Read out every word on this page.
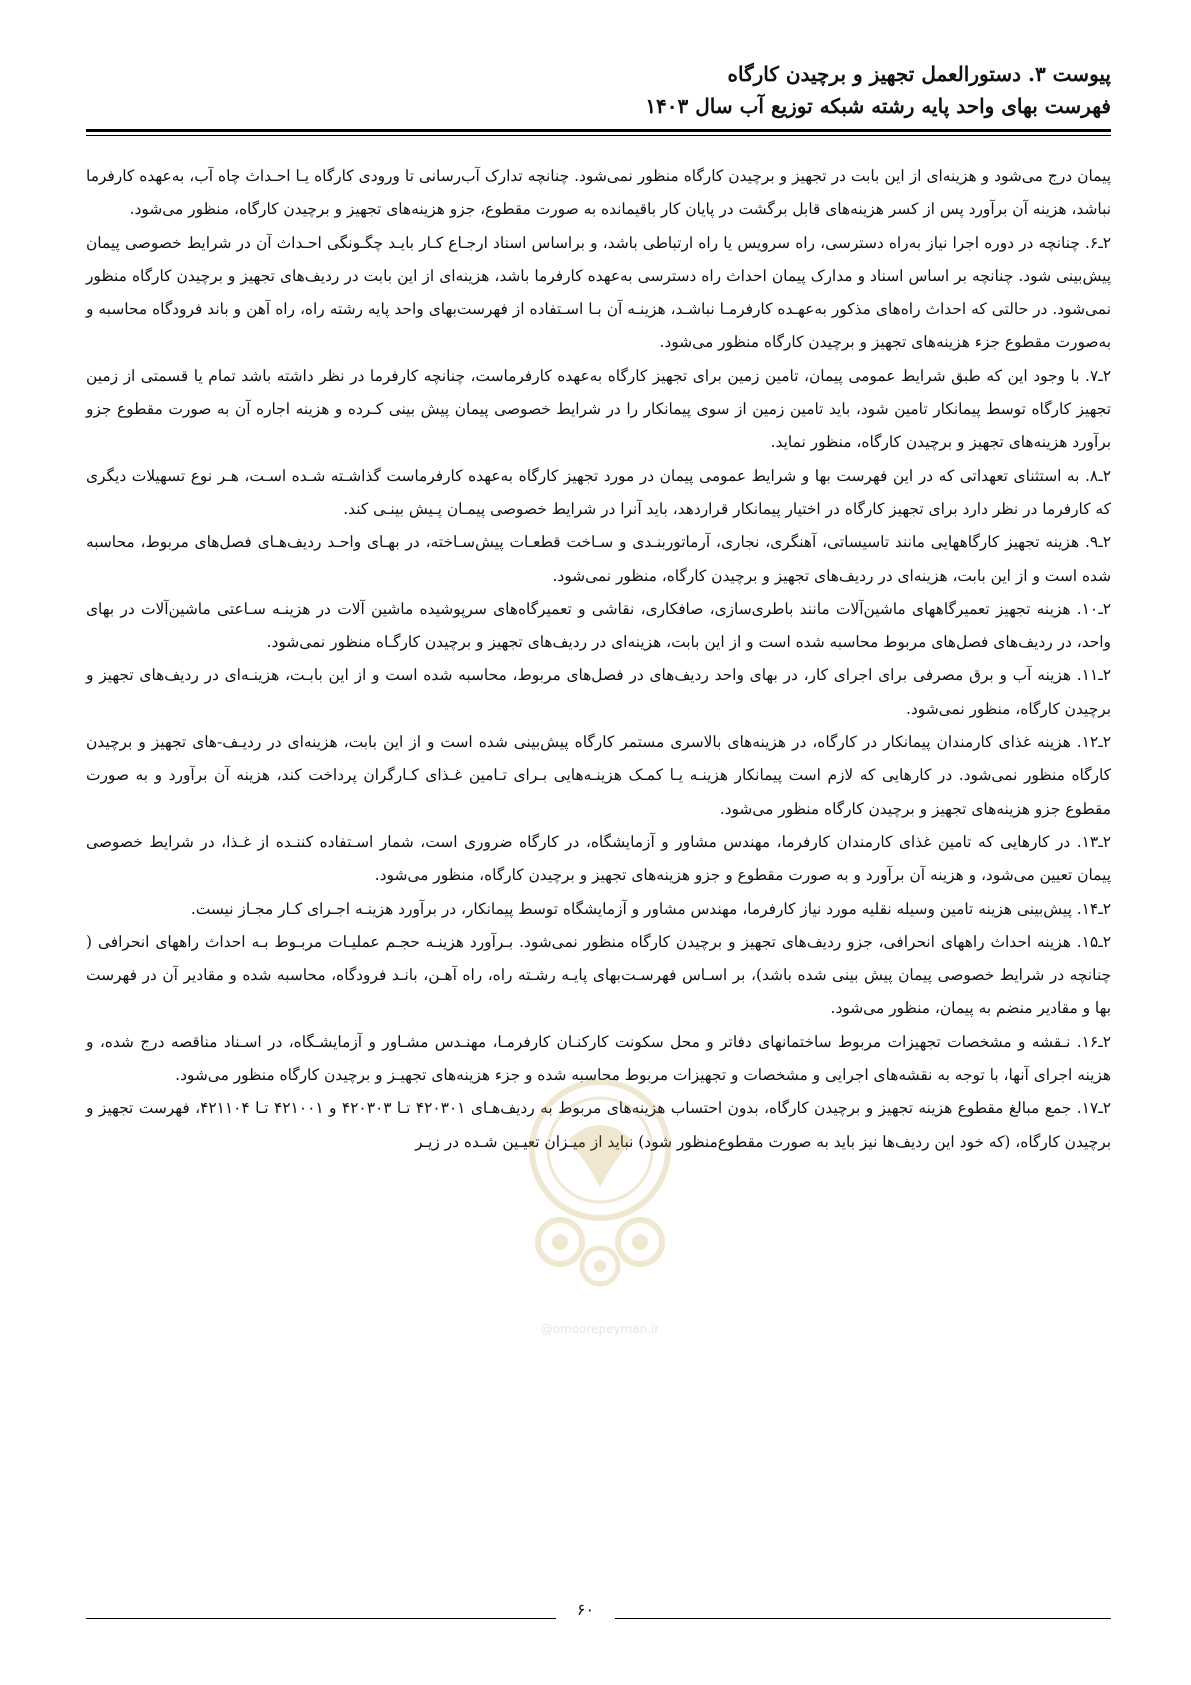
پیوست ۳. دستورالعمل تجهیز و برچیدن کارگاه
فهرست بهای واحد پایه رشته شبکه توزیع آب سال ۱۴۰۳

پیمان درج می‌شود و هزینه‌ای از این بابت در تجهیز و برچیدن کارگاه منظور نمی‌شود. چنانچه تدارک آب‌رسانی تا ورودی کارگاه یـا احـداث چاه آب، به‌عهده کارفرما نباشد، هزینه آن برآورد پس از کسر هزینه‌های قابل برگشت در پایان کار باقیمانده به صورت مقطوع، جزو هزینه‌های تجهیز و برچیدن کارگاه، منظور می‌شود.

۲ـ۶. چنانچه در دوره اجرا نیاز به‌راه دسترسی، راه سرویس یا راه ارتباطی باشد، و براساس اسناد ارجـاع کـار بایـد چگـونگی احـداث آن در شرایط خصوصی پیمان پیش‌بینی شود. چنانچه بر اساس اسناد و مدارک پیمان احداث راه دسترسی به‌عهده کارفرما باشد، هزینه‌ای از این بابت در ردیف‌های تجهیز و برچیدن کارگاه منظور نمی‌شود. در حالتی که احداث راه‌های مذکور به‌عهـده کارفرمـا نباشـد، هزینـه آن بـا اسـتفاده از فهرست‌بهای واحد پایه رشته راه، راه آهن و باند فرودگاه محاسبه و به‌صورت مقطوع جزء هزینه‌های تجهیز و برچیدن کارگاه منظور می‌شود.

۲ـ۷. با وجود این که طبق شرایط عمومی پیمان، تامین زمین برای تجهیز کارگاه به‌عهده کارفرماست، چنانچه کارفرما در نظر داشته باشد تمام یا قسمتی از زمین تجهیز کارگاه توسط پیمانکار تامین شود، باید تامین زمین از سوی پیمانکار را در شرایط خصوصی پیمان پیش بینی کـرده و هزینه اجاره آن به صورت مقطوع جزو برآورد هزینه‌های تجهیز و برچیدن کارگاه، منظور نماید.

۲ـ۸. به استثنای تعهداتی که در این فهرست بها و شرایط عمومی پیمان در مورد تجهیز کارگاه به‌عهده کارفرماست گذاشـته شـده اسـت، هـر نوع تسهیلات دیگری که کارفرما در نظر دارد برای تجهیز کارگاه در اختیار پیمانکار قراردهد، باید آنرا در شرایط خصوصی پیمـان پـیش بینـی کند.

۲ـ۹. هزینه تجهیز کارگاههایی مانند تاسیساتی، آهنگری، نجاری، آرماتوربنـدی و سـاخت قطعـات پیش‌سـاخته، در بهـای واحـد ردیف‌هـای فصل‌های مربوط، محاسبه شده است و از این بابت، هزینه‌ای در ردیف‌های تجهیز و برچیدن کارگاه، منظور نمی‌شود.

۲ـ۱۰. هزینه تجهیز تعمیرگاههای ماشین‌آلات مانند باطری‌سازی، صافکاری، نقاشی و تعمیرگاه‌های سرپوشیده ماشین آلات در هزینـه سـاعتی ماشین‌آلات در بهای واحد، در ردیف‌های فصل‌های مربوط محاسبه شده است و از این بابت، هزینه‌ای در ردیف‌های تجهیز و برچیدن کارگـاه منظور نمی‌شود.

۲ـ۱۱. هزینه آب و برق مصرفی برای اجرای کار، در بهای واحد ردیف‌های در فصل‌های مربوط، محاسبه شده است و از این بابـت، هزینـه‌ای در ردیف‌های تجهیز و برچیدن کارگاه، منظور نمی‌شود.

۲ـ۱۲. هزینه غذای کارمندان پیمانکار در کارگاه، در هزینه‌های بالاسری مستمر کارگاه پیش‌بینی شده است و از این بابت، هزینه‌ای در ردیـف-های تجهیز و برچیدن کارگاه منظور نمی‌شود. در کارهایی که لازم است پیمانکار هزینـه یـا کمـک هزینـه‌هایی بـرای تـامین غـذای کـارگران پرداخت کند، هزینه آن برآورد و به صورت مقطوع جزو هزینه‌های تجهیز و برچیدن کارگاه منظور می‌شود.

۲ـ۱۳. در کارهایی که تامین غذای کارمندان کارفرما، مهندس مشاور و آزمایشگاه، در کارگاه ضروری است، شمار اسـتفاده کننـده از غـذا، در شرایط خصوصی پیمان تعیین می‌شود، و هزینه آن برآورد و به صورت مقطوع و جزو هزینه‌های تجهیز و برچیدن کارگاه، منظور می‌شود.

۲ـ۱۴. پیش‌بینی هزینه تامین وسیله نقلیه مورد نیاز کارفرما، مهندس مشاور و آزمایشگاه توسط پیمانکار، در برآورد هزینـه اجـرای کـار مجـاز نیست.

۲ـ۱۵. هزینه احداث راههای انحرافی، جزو ردیف‌های تجهیز و برچیدن کارگاه منظور نمی‌شود. بـرآورد هزینـه حجـم عملیـات مربـوط بـه احداث راههای انحرافی ( چنانچه در شرایط خصوصی پیمان پیش بینی شده باشد)، بر اسـاس فهرسـت‌بهای پایـه رشـته راه، راه آهـن، بانـد فرودگاه، محاسبه شده و مقادیر آن در فهرست بها و مقادیر منضم به پیمان، منظور می‌شود.

۲ـ۱۶. نـقشه و مشخصات تجهیزات مربوط ساختمانهای دفاتر و محل سکونت کارکنـان کارفرمـا، مهنـدس مشـاور و آزمایشـگاه، در اسـناد مناقصه درج شده، و هزینه اجرای آنها، با توجه به نقشه‌های اجرایی و مشخصات و تجهیزات مربوط محاسبه شده و جزء هزینه‌های تجهیـز و برچیدن کارگاه منظور می‌شود.

۲ـ۱۷. جمع مبالغ مقطوع هزینه تجهیز و برچیدن کارگاه، بدون احتساب هزینه‌های مربوط به ردیف‌هـای ۴۲۰۳۰۱ تـا ۴۲۰۳۰۳ و ۴۲۱۰۰۱ تـا ۴۲۱۱۰۴، فهرست تجهیز و برچیدن کارگاه، (که خود این ردیف‌ها نیز باید به صورت مقطوع‌منظور شود) نباید از میـزان تعیـین شـده در زیـر

@omoorepeyman.ir
۶۰
